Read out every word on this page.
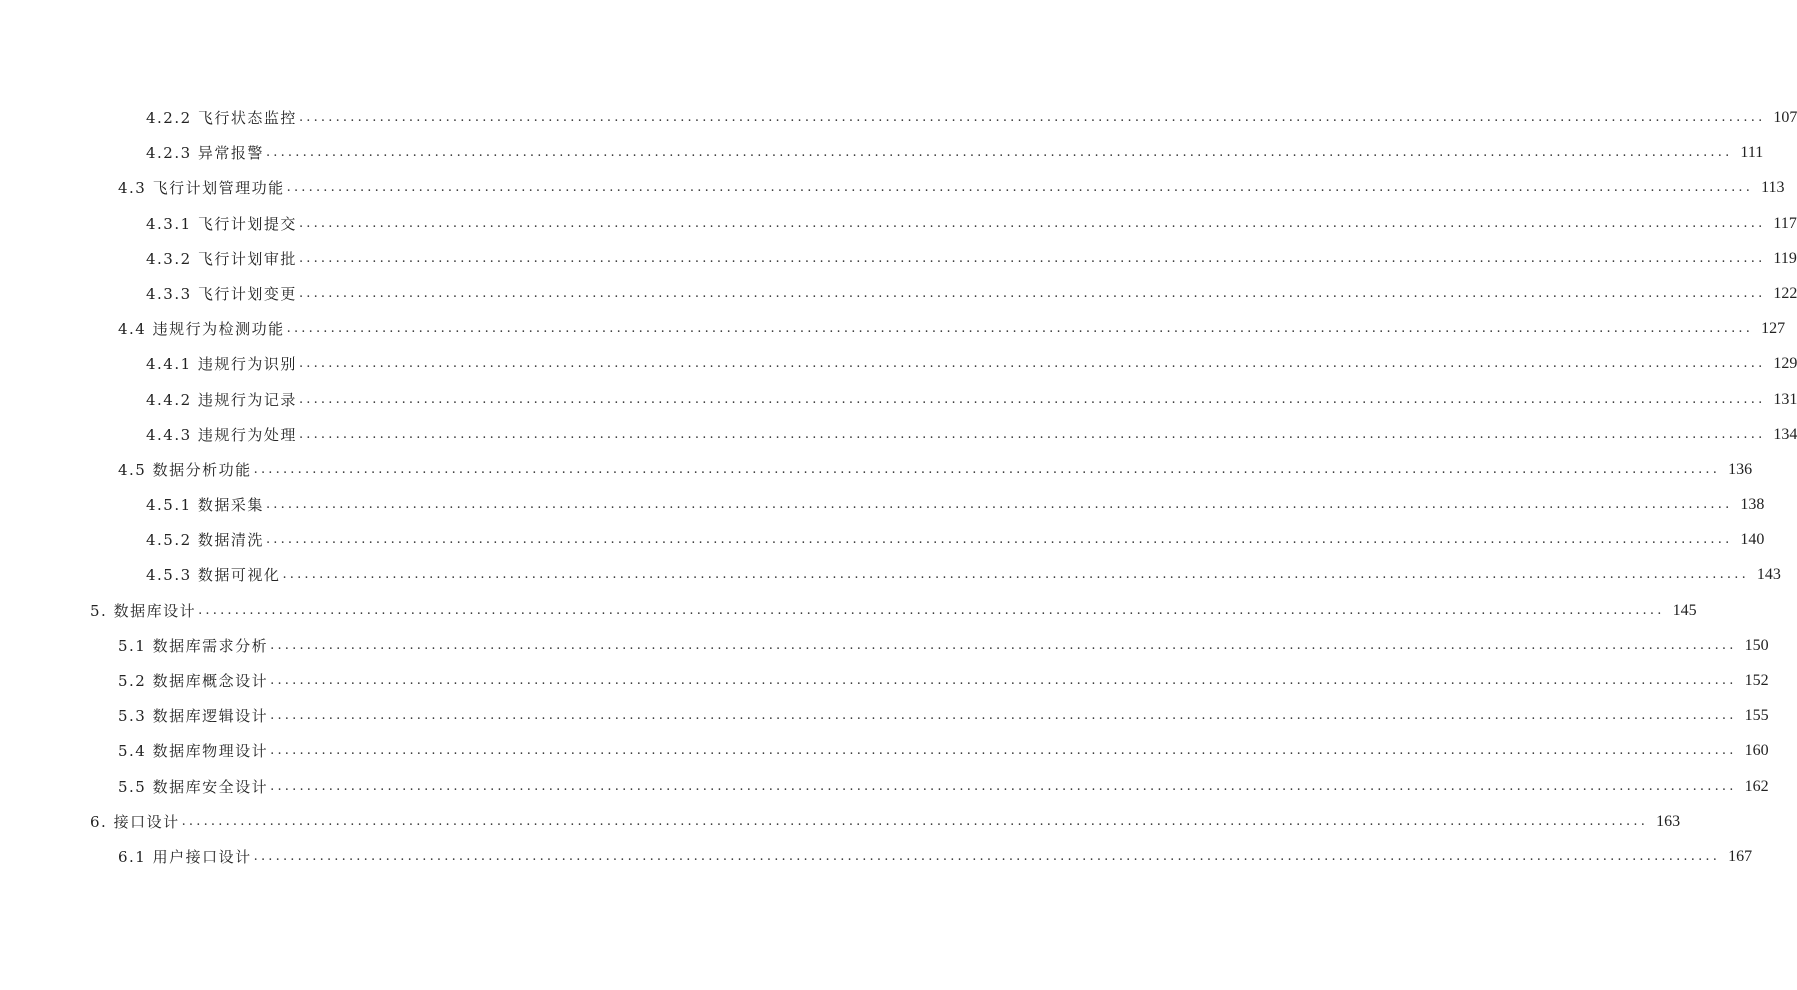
4.2.2 飞行状态监控 ........................................................................................................................................................................................................ 107
4.2.3 异常报警 ........................................................................................................................................................................................................ 111
4.3 飞行计划管理功能 ........................................................................................................................................................................................................ 113
4.3.1 飞行计划提交 ........................................................................................................................................................................................................ 117
4.3.2 飞行计划审批 ........................................................................................................................................................................................................ 119
4.3.3 飞行计划变更 ........................................................................................................................................................................................................ 122
4.4 违规行为检测功能 ........................................................................................................................................................................................................ 127
4.4.1 违规行为识别 ........................................................................................................................................................................................................ 129
4.4.2 违规行为记录 ........................................................................................................................................................................................................ 131
4.4.3 违规行为处理 ........................................................................................................................................................................................................ 134
4.5 数据分析功能 ........................................................................................................................................................................................................ 136
4.5.1 数据采集 ........................................................................................................................................................................................................ 138
4.5.2 数据清洗 ........................................................................................................................................................................................................ 140
4.5.3 数据可视化 ........................................................................................................................................................................................................ 143
5. 数据库设计 ........................................................................................................................................................................................................ 145
5.1 数据库需求分析 ........................................................................................................................................................................................................ 150
5.2 数据库概念设计 ........................................................................................................................................................................................................ 152
5.3 数据库逻辑设计 ........................................................................................................................................................................................................ 155
5.4 数据库物理设计 ........................................................................................................................................................................................................ 160
5.5 数据库安全设计 ........................................................................................................................................................................................................ 162
6. 接口设计 ........................................................................................................................................................................................................ 163
6.1 用户接口设计 ........................................................................................................................................................................................................ 167
